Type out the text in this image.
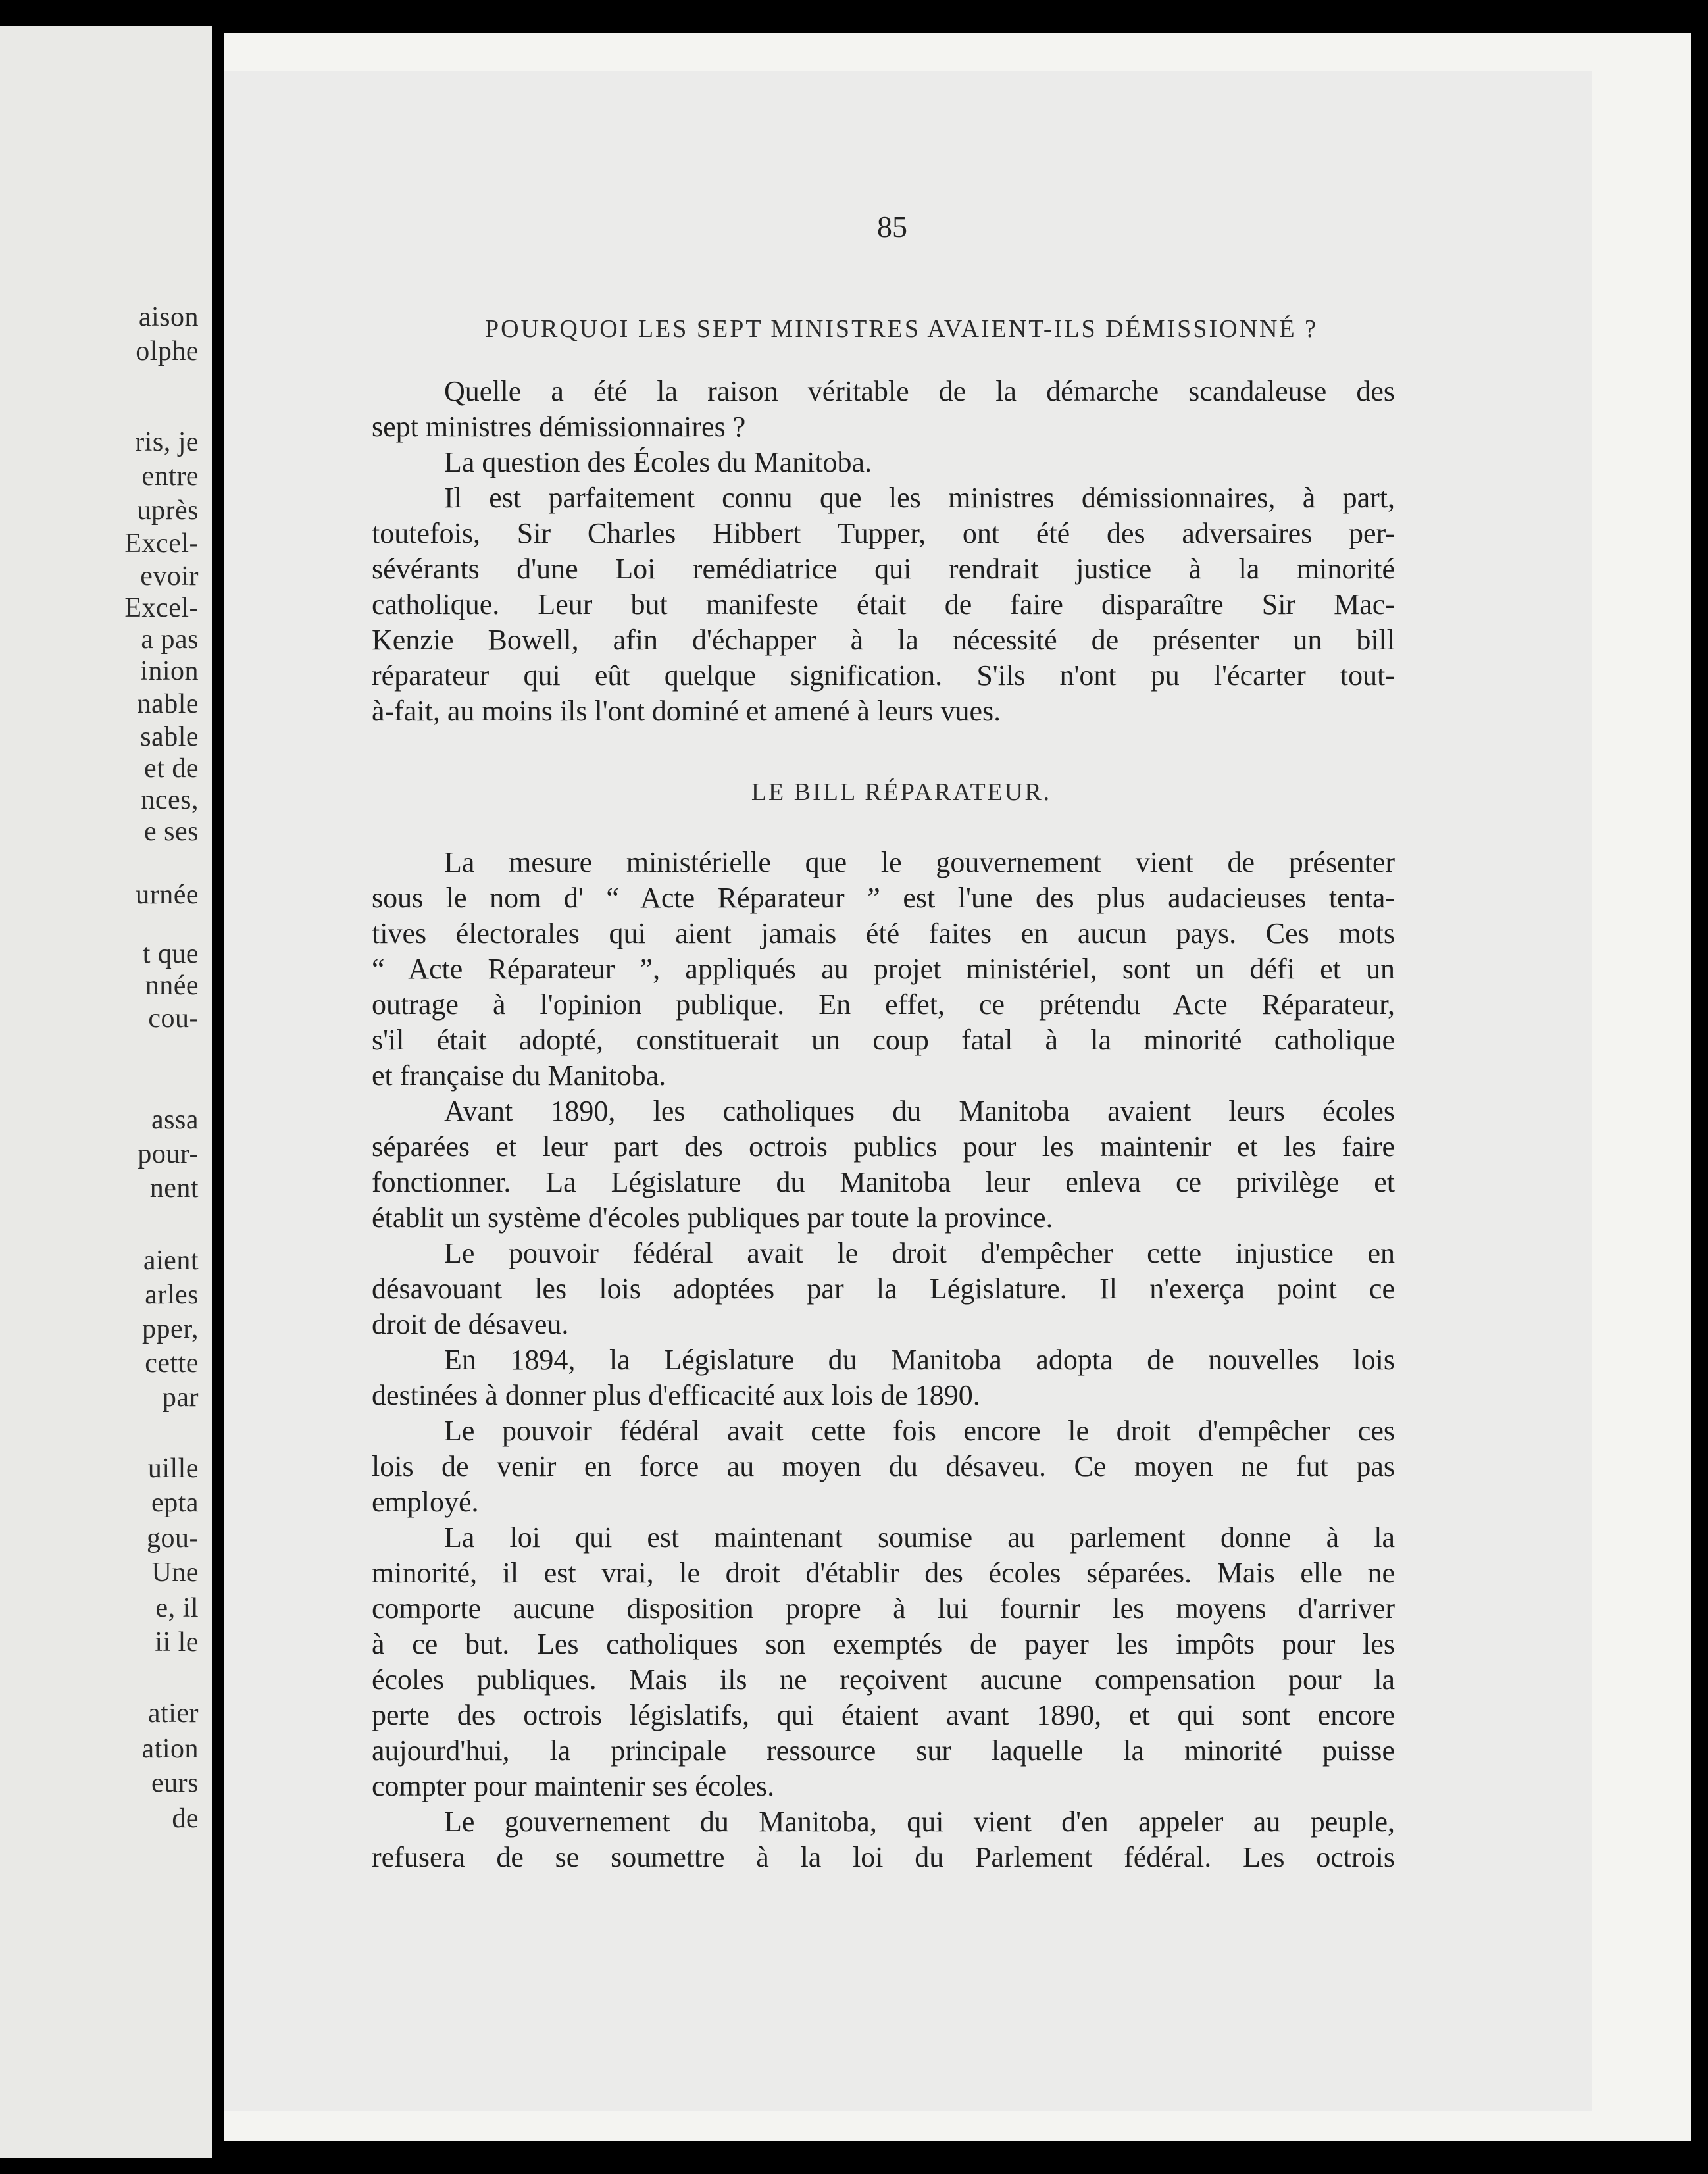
aison
olphe
ris, je
entre
uprès
Excel-
evoir
Excel-
a pas
inion
nable
sable
et de
nces,
e ses
urnée
t que
nnée
cou-
assa
pour-
nent
aient
arles
pper,
cette
par
uille
epta
gou-
Une
e, il
ii le
atier
ation
eurs
de
85
POURQUOI LES SEPT MINISTRES AVAIENT-ILS DÉMISSIONNÉ ?
LE BILL RÉPARATEUR.
Quelle a été la raison véritable de la démarche scandaleuse des
sept ministres démissionnaires ?
La question des Écoles du Manitoba.
Il est parfaitement connu que les ministres démissionnaires, à part,
toutefois, Sir Charles Hibbert Tupper, ont été des adversaires per-
sévérants d'une Loi remédiatrice qui rendrait justice à la minorité
catholique. Leur but manifeste était de faire disparaître Sir Mac-
Kenzie Bowell, afin d'échapper à la nécessité de présenter un bill
réparateur qui eût quelque signification. S'ils n'ont pu l'écarter tout-
à-fait, au moins ils l'ont dominé et amené à leurs vues.
La mesure ministérielle que le gouvernement vient de présenter
sous le nom d' “ Acte Réparateur ” est l'une des plus audacieuses tenta-
tives électorales qui aient jamais été faites en aucun pays. Ces mots
“ Acte Réparateur ”, appliqués au projet ministériel, sont un défi et un
outrage à l'opinion publique. En effet, ce prétendu Acte Réparateur,
s'il était adopté, constituerait un coup fatal à la minorité catholique
et française du Manitoba.
Avant 1890, les catholiques du Manitoba avaient leurs écoles
séparées et leur part des octrois publics pour les maintenir et les faire
fonctionner. La Législature du Manitoba leur enleva ce privilège et
établit un système d'écoles publiques par toute la province.
Le pouvoir fédéral avait le droit d'empêcher cette injustice en
désavouant les lois adoptées par la Législature. Il n'exerça point ce
droit de désaveu.
En 1894, la Législature du Manitoba adopta de nouvelles lois
destinées à donner plus d'efficacité aux lois de 1890.
Le pouvoir fédéral avait cette fois encore le droit d'empêcher ces
lois de venir en force au moyen du désaveu. Ce moyen ne fut pas
employé.
La loi qui est maintenant soumise au parlement donne à la
minorité, il est vrai, le droit d'établir des écoles séparées. Mais elle ne
comporte aucune disposition propre à lui fournir les moyens d'arriver
à ce but. Les catholiques son exemptés de payer les impôts pour les
écoles publiques. Mais ils ne reçoivent aucune compensation pour la
perte des octrois législatifs, qui étaient avant 1890, et qui sont encore
aujourd'hui, la principale ressource sur laquelle la minorité puisse
compter pour maintenir ses écoles.
Le gouvernement du Manitoba, qui vient d'en appeler au peuple,
refusera de se soumettre à la loi du Parlement fédéral. Les octrois
